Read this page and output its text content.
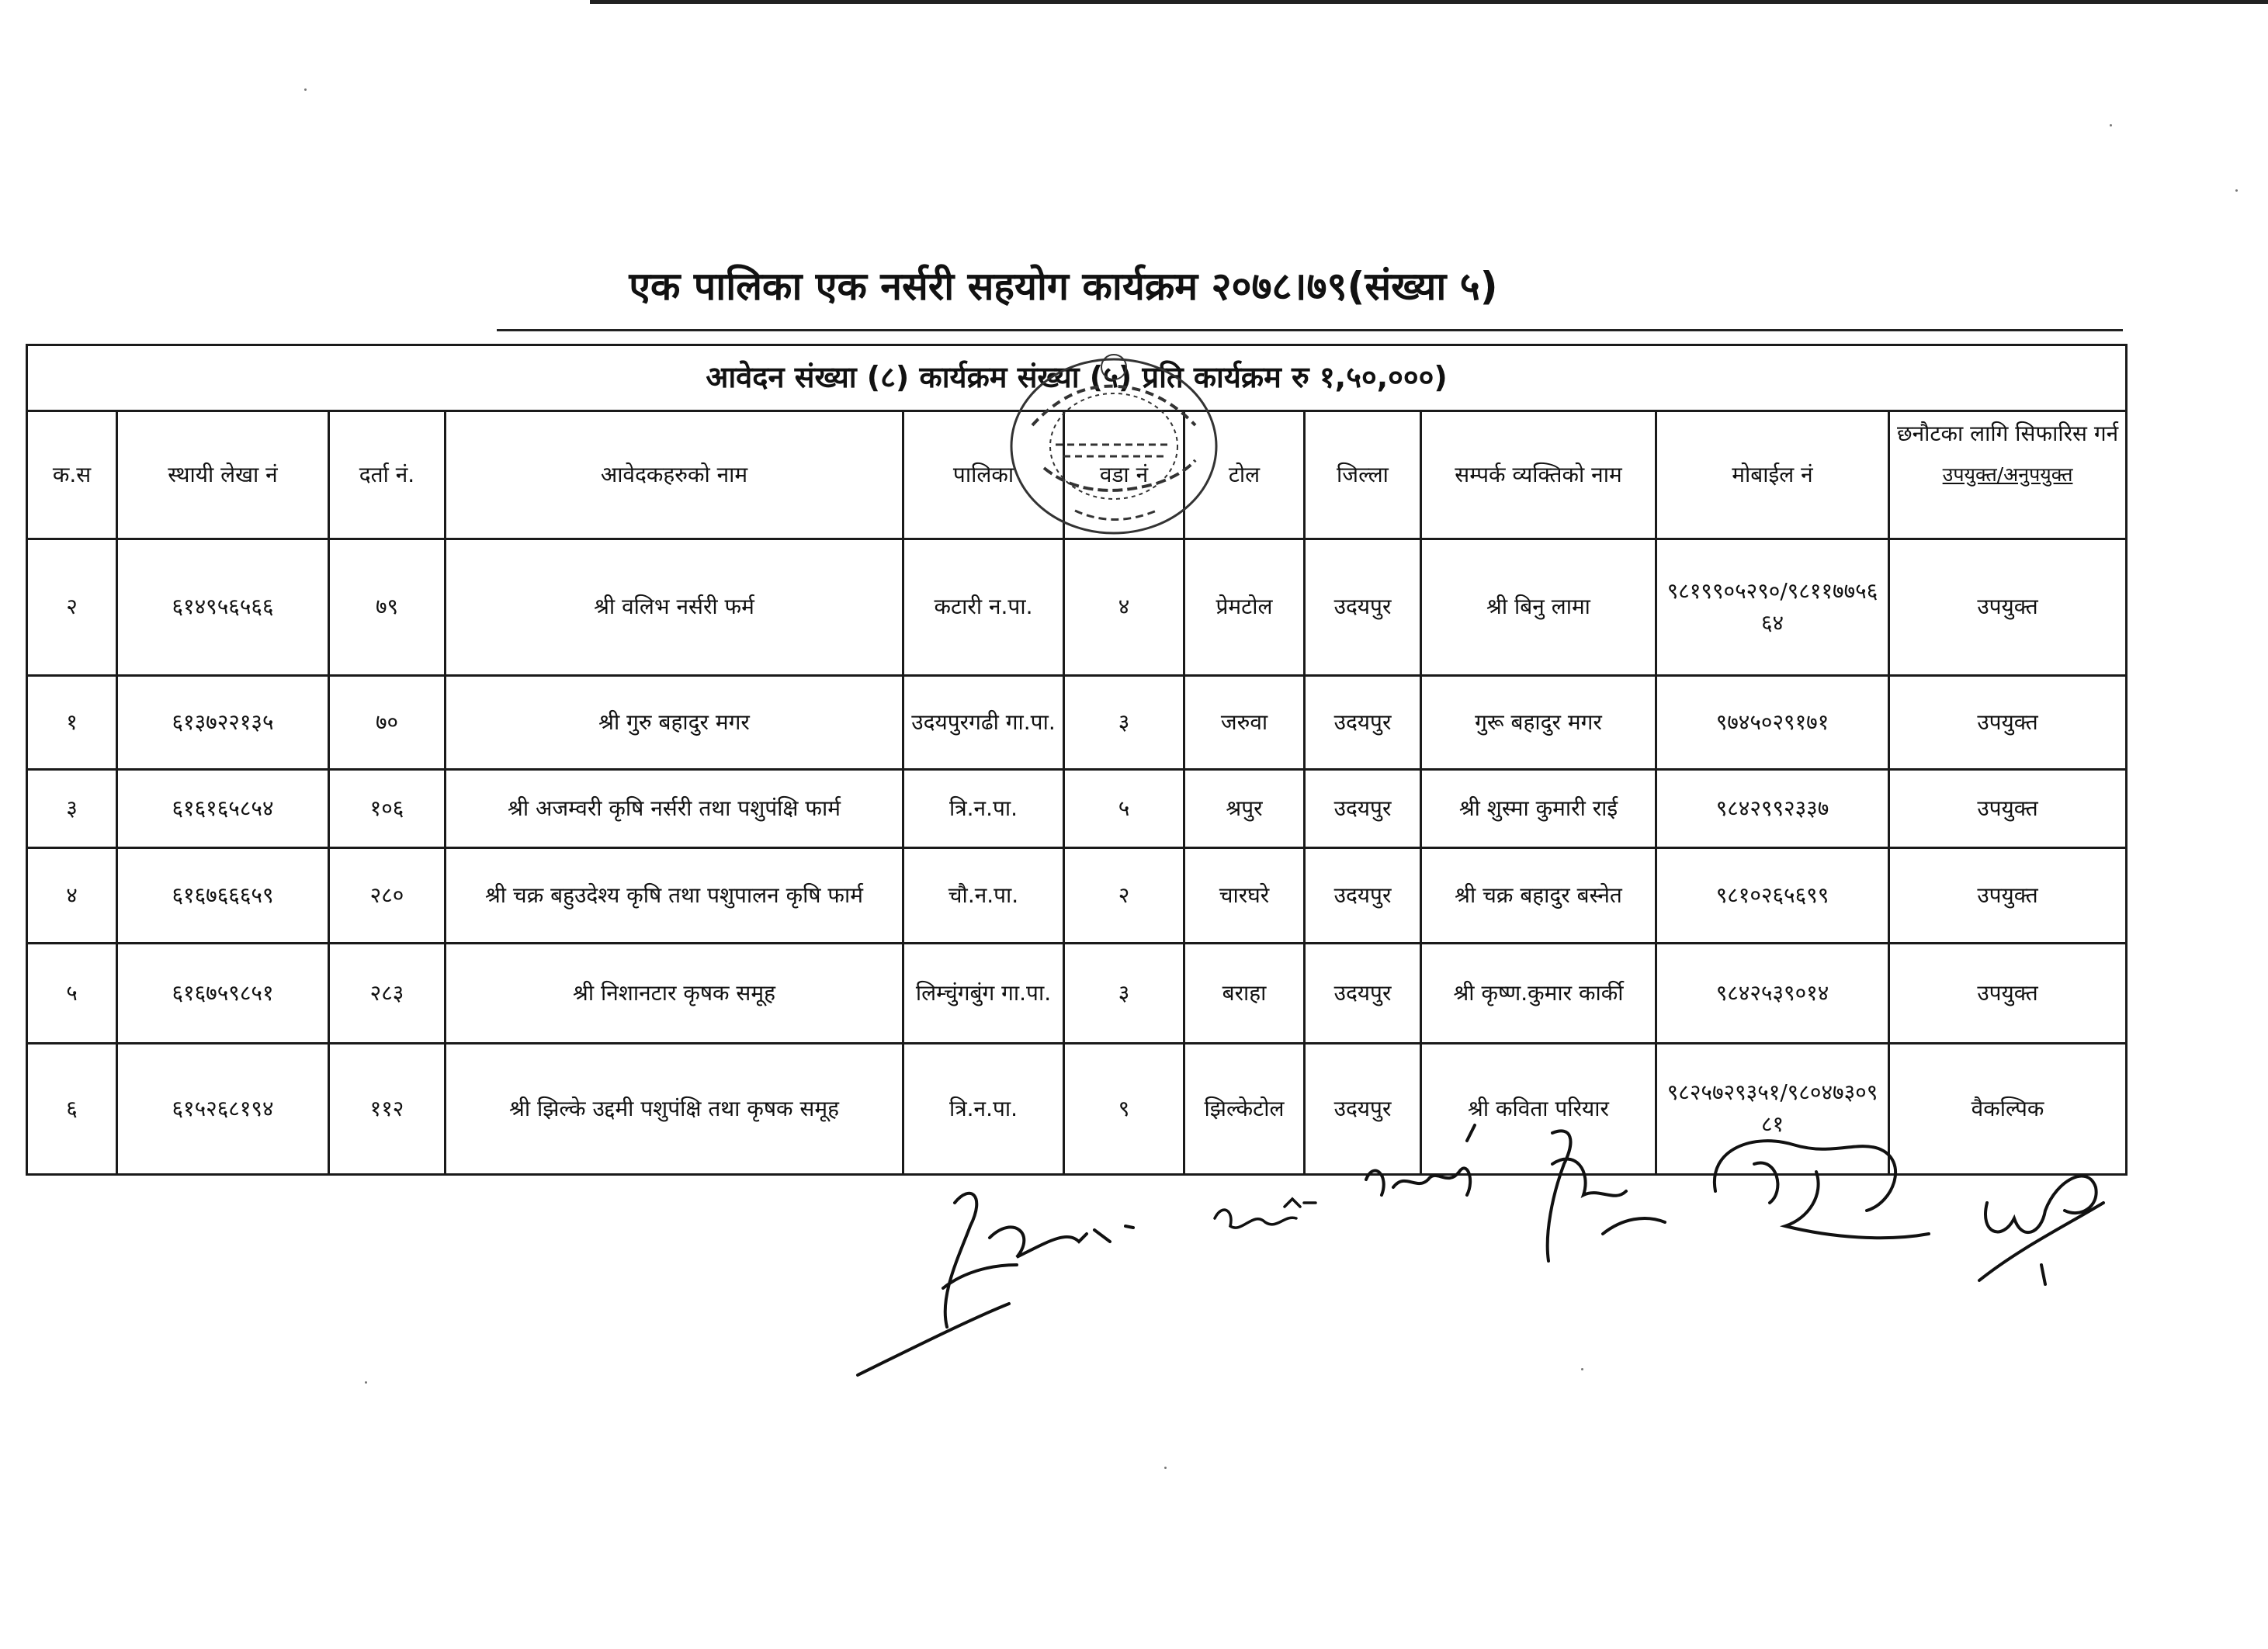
एक पालिका एक नर्सरी सहयोग कार्यक्रम २०७८।७९(संख्या ५)
आवेदन संख्या (८) कार्यक्रम संख्या (५) प्रति कार्यक्रम रु १,५०,०००)										
क.स	स्थायी लेखा नं	दर्ता नं.	आवेदकहरुको नाम	पालिका	वडा नं	टोल	जिल्ला	सम्पर्क व्यक्तिको नाम	मोबाईल नं	छनौटका लागि सिफारिस गर्न
उपयुक्त/अनुपयुक्त

२	६१४९५६५६६	७९	श्री वलिभ नर्सरी फर्म	कटारी न.पा.	४	प्रेमटोल	उदयपुर	श्री बिनु लामा	९८१९९०५२९०/९८११७७५६६४	उपयुक्त
१	६१३७२२१३५	७०	श्री गुरु बहादुर मगर	उदयपुरगढी गा.पा.	३	जरुवा	उदयपुर	गुरू बहादुर मगर	९७४५०२९१७१	उपयुक्त
३	६१६१६५८५४	१०६	श्री अजम्वरी कृषि नर्सरी तथा पशुपंक्षि फार्म	त्रि.न.पा.	५	श्रपुर	उदयपुर	श्री शुस्मा कुमारी राई	९८४२९९२३३७	उपयुक्त
४	६१६७६६६५९	२८०	श्री चक्र बहुउदेश्य कृषि तथा पशुपालन कृषि फार्म	चौ.न.पा.	२	चारघरे	उदयपुर	श्री चक्र बहादुर बस्नेत	९८१०२६५६९९	उपयुक्त
५	६१६७५९८५१	२८३	श्री निशानटार कृषक समूह	लिम्चुंगबुंग गा.पा.	३	बराहा	उदयपुर	श्री कृष्ण.कुमार कार्की	९८४२५३९०१४	उपयुक्त
६	६१५२६८१९४	११२	श्री झिल्के उद्दमी पशुपंक्षि तथा कृषक समूह	त्रि.न.पा.	९	झिल्केटोल	उदयपुर	श्री कविता परियार	९८२५७२९३५१/९८०४७३०९८१	वैकल्पिक
